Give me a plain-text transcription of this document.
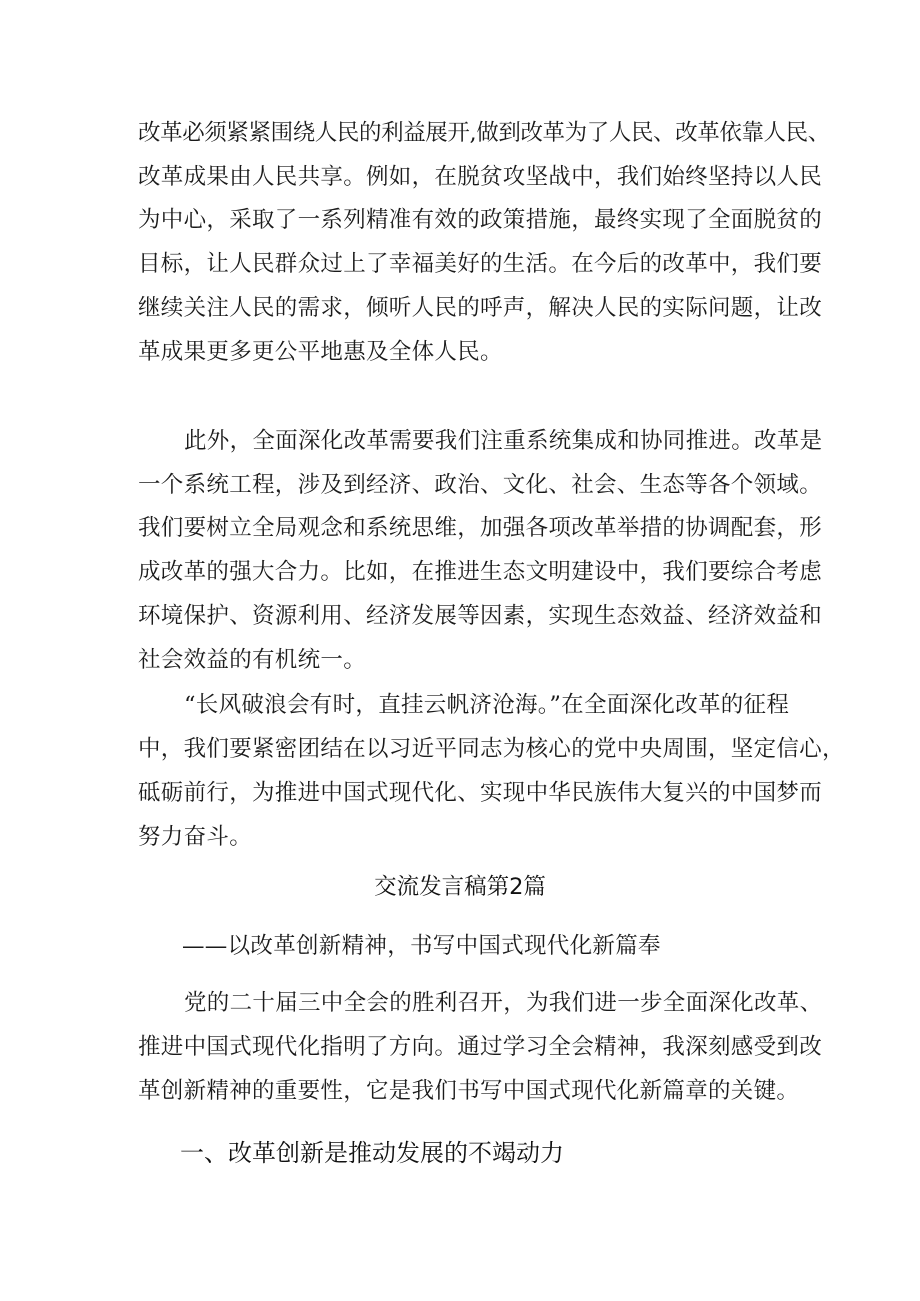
改革必须紧紧围绕人民的利益展开,做到改革为了人民、改革依靠人民、
改革成果由人民共享。例如，在脱贫攻坚战中，我们始终坚持以人民
为中心，采取了一系列精准有效的政策措施，最终实现了全面脱贫的
目标，让人民群众过上了幸福美好的生活。在今后的改革中，我们要
继续关注人民的需求，倾听人民的呼声，解决人民的实际问题，让改
革成果更多更公平地惠及全体人民。
此外，全面深化改革需要我们注重系统集成和协同推进。改革是
一个系统工程，涉及到经济、政治、文化、社会、生态等各个领域。
我们要树立全局观念和系统思维，加强各项改革举措的协调配套，形
成改革的强大合力。比如，在推进生态文明建设中，我们要综合考虑
环境保护、资源利用、经济发展等因素，实现生态效益、经济效益和
社会效益的有机统一。
“长风破浪会有时，直挂云帆济沧海。”在全面深化改革的征程
中，我们要紧密团结在以习近平同志为核心的党中央周围，坚定信心，
砥砺前行，为推进中国式现代化、实现中华民族伟大复兴的中国梦而
努力奋斗。
交流发言稿第2篇
——以改革创新精神，书写中国式现代化新篇奉
党的二十届三中全会的胜利召开，为我们进一步全面深化改革、
推进中国式现代化指明了方向。通过学习全会精神，我深刻感受到改
革创新精神的重要性，它是我们书写中国式现代化新篇章的关键。
一、改革创新是推动发展的不竭动力
